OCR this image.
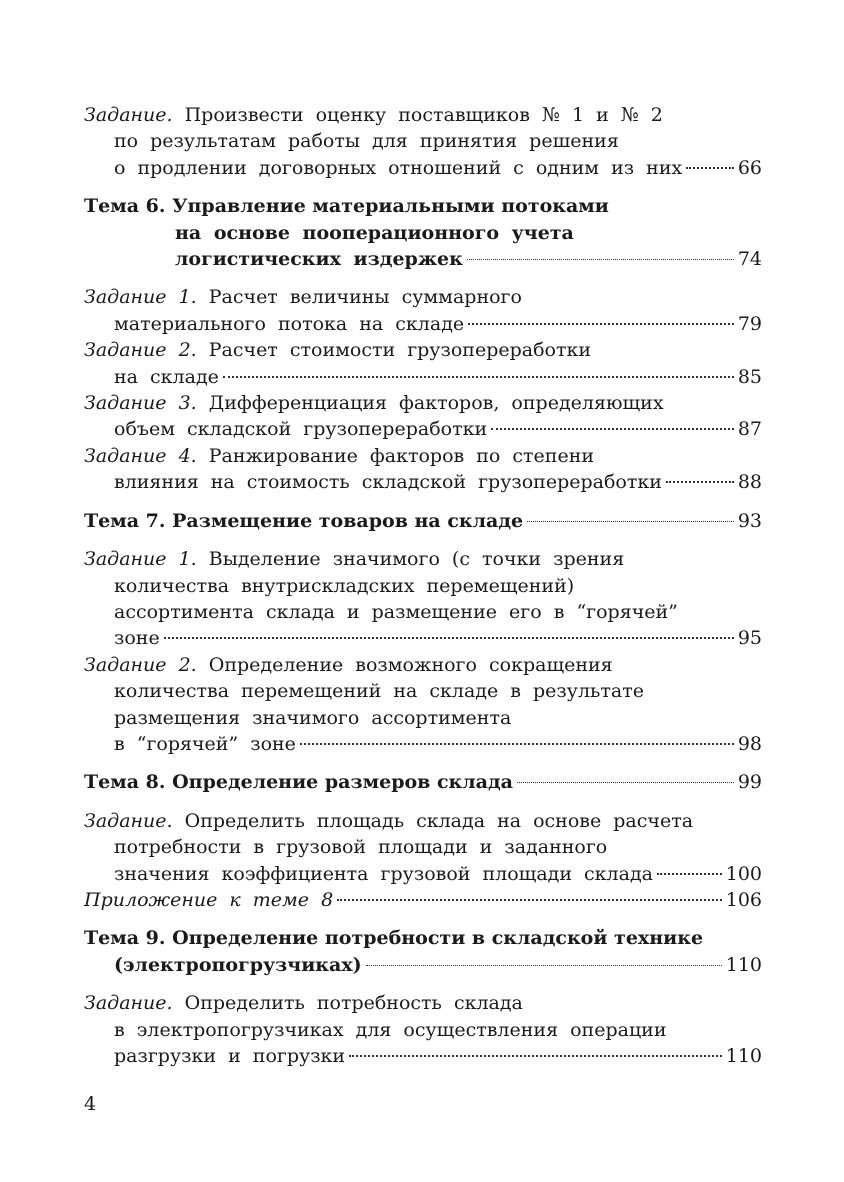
Задание. Произвести оценку поставщиков № 1 и № 2
по результатам работы для принятия решения
о продлении договорных отношений с одним из них	66
Тема 6. Управление материальными потоками
на основе пооперационного учета
логистических издержек	74
Задание 1. Расчет величины суммарного
материального потока на складе	79
Задание 2. Расчет стоимости грузопереработки
на складе	85
Задание 3. Дифференциация факторов, определяющих
объем складской грузопереработки	87
Задание 4. Ранжирование факторов по степени
влияния на стоимость складской грузопереработки	88
Тема 7. Размещение товаров на складе	93
Задание 1. Выделение значимого (с точки зрения
количества внутрискладских перемещений)
ассортимента склада и размещение его в “горячей”
зоне	95
Задание 2. Определение возможного сокращения
количества перемещений на складе в результате
размещения значимого ассортимента
в “горячей” зоне	98
Тема 8. Определение размеров склада	99
Задание. Определить площадь склада на основе расчета
потребности в грузовой площади и заданного
значения коэффициента грузовой площади склада	100
Приложение к теме 8	106
Тема 9. Определение потребности в складской технике
(электропогрузчиках)	110
Задание. Определить потребность склада
в электропогрузчиках для осуществления операции
разгрузки и погрузки	110
4
